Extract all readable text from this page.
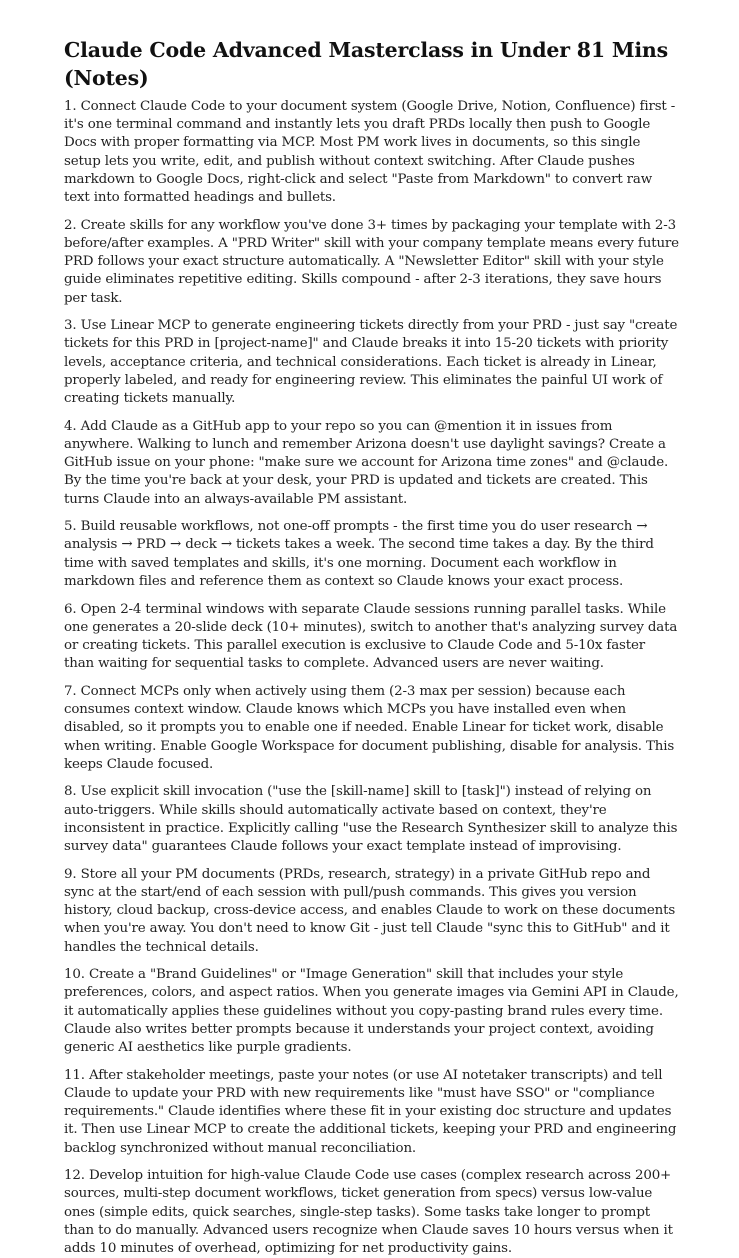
Claude Code Advanced Masterclass in Under 81 Mins (Notes)

1. Connect Claude Code to your document system (Google Drive, Notion, Confluence) first - it's one terminal command and instantly lets you draft PRDs locally then push to Google Docs with proper formatting via MCP. Most PM work lives in documents, so this single setup lets you write, edit, and publish without context switching. After Claude pushes markdown to Google Docs, right-click and select "Paste from Markdown" to convert raw text into formatted headings and bullets.

2. Create skills for any workflow you've done 3+ times by packaging your template with 2-3 before/after examples. A "PRD Writer" skill with your company template means every future PRD follows your exact structure automatically. A "Newsletter Editor" skill with your style guide eliminates repetitive editing. Skills compound - after 2-3 iterations, they save hours per task.

3. Use Linear MCP to generate engineering tickets directly from your PRD - just say "create tickets for this PRD in [project-name]" and Claude breaks it into 15-20 tickets with priority levels, acceptance criteria, and technical considerations. Each ticket is already in Linear, properly labeled, and ready for engineering review. This eliminates the painful UI work of creating tickets manually.

4. Add Claude as a GitHub app to your repo so you can @mention it in issues from anywhere. Walking to lunch and remember Arizona doesn't use daylight savings? Create a GitHub issue on your phone: "make sure we account for Arizona time zones" and @claude. By the time you're back at your desk, your PRD is updated and tickets are created. This turns Claude into an always-available PM assistant.

5. Build reusable workflows, not one-off prompts - the first time you do user research → analysis → PRD → deck → tickets takes a week. The second time takes a day. By the third time with saved templates and skills, it's one morning. Document each workflow in markdown files and reference them as context so Claude knows your exact process.

6. Open 2-4 terminal windows with separate Claude sessions running parallel tasks. While one generates a 20-slide deck (10+ minutes), switch to another that's analyzing survey data or creating tickets. This parallel execution is exclusive to Claude Code and 5-10x faster than waiting for sequential tasks to complete. Advanced users are never waiting.

7. Connect MCPs only when actively using them (2-3 max per session) because each consumes context window. Claude knows which MCPs you have installed even when disabled, so it prompts you to enable one if needed. Enable Linear for ticket work, disable when writing. Enable Google Workspace for document publishing, disable for analysis. This keeps Claude focused.

8. Use explicit skill invocation ("use the [skill-name] skill to [task]") instead of relying on auto-triggers. While skills should automatically activate based on context, they're inconsistent in practice. Explicitly calling "use the Research Synthesizer skill to analyze this survey data" guarantees Claude follows your exact template instead of improvising.

9. Store all your PM documents (PRDs, research, strategy) in a private GitHub repo and sync at the start/end of each session with pull/push commands. This gives you version history, cloud backup, cross-device access, and enables Claude to work on these documents when you're away. You don't need to know Git - just tell Claude "sync this to GitHub" and it handles the technical details.

10. Create a "Brand Guidelines" or "Image Generation" skill that includes your style preferences, colors, and aspect ratios. When you generate images via Gemini API in Claude, it automatically applies these guidelines without you copy-pasting brand rules every time. Claude also writes better prompts because it understands your project context, avoiding generic AI aesthetics like purple gradients.

11. After stakeholder meetings, paste your notes (or use AI notetaker transcripts) and tell Claude to update your PRD with new requirements like "must have SSO" or "compliance requirements." Claude identifies where these fit in your existing doc structure and updates it. Then use Linear MCP to create the additional tickets, keeping your PRD and engineering backlog synchronized without manual reconciliation.

12. Develop intuition for high-value Claude Code use cases (complex research across 200+ sources, multi-step document workflows, ticket generation from specs) versus low-value ones (simple edits, quick searches, single-step tasks). Some tasks take longer to prompt than to do manually. Advanced users recognize when Claude saves 10 hours versus when it adds 10 minutes of overhead, optimizing for net productivity gains.
